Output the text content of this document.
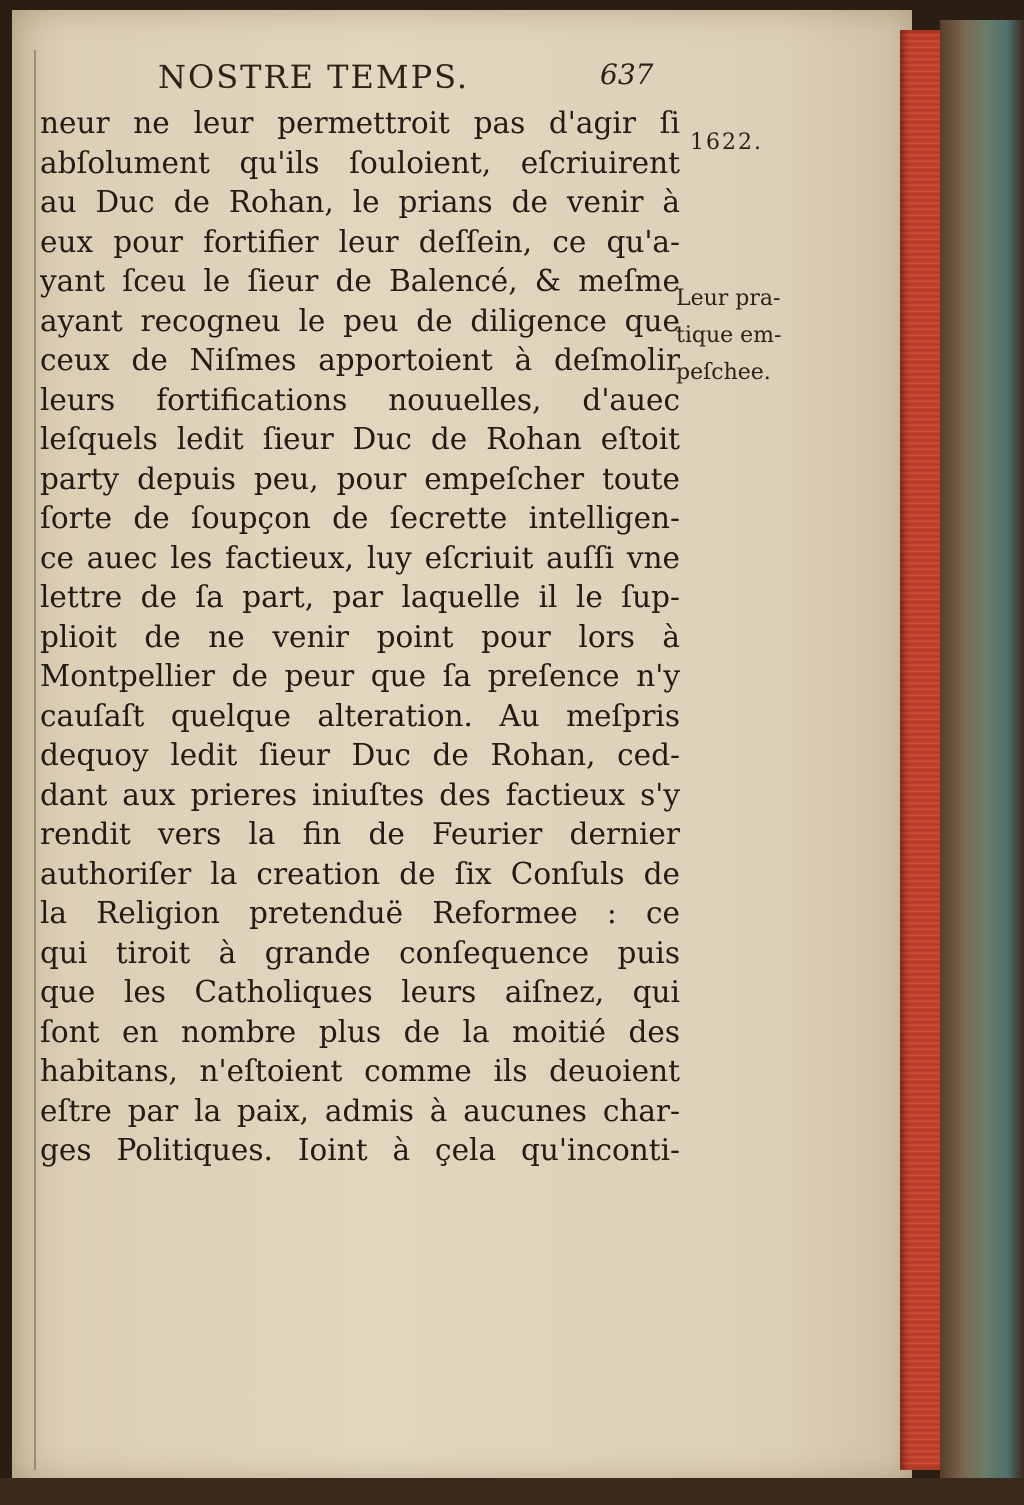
NOSTRE TEMPS.	637
1622.
Leur pra-
tique em-
peſchee.
neur ne leur permettroit pas d'agir ſi
abſolument qu'ils ſouloient, eſcriuirent
au Duc de Rohan, le prians de venir à
eux pour fortifier leur deſſein, ce qu'a-
yant ſceu le ſieur de Balencé, & meſme
ayant recogneu le peu de diligence que
ceux de Niſmes apportoient à deſmolir
leurs fortifications nouuelles, d'auec
leſquels ledit ſieur Duc de Rohan eſtoit
party depuis peu, pour empeſcher toute
ſorte de ſoupçon de ſecrette intelligen-
ce auec les factieux, luy eſcriuit auſſi vne
lettre de ſa part, par laquelle il le ſup-
plioit de ne venir point pour lors à
Montpellier de peur que ſa preſence n'y
cauſaſt quelque alteration. Au meſpris
dequoy ledit ſieur Duc de Rohan, ced-
dant aux prieres iniuſtes des factieux s'y
rendit vers la fin de Feurier dernier
authoriſer la creation de ſix Conſuls de
la Religion pretenduë Reformee : ce
qui tiroit à grande conſequence puis
que les Catholiques leurs aiſnez, qui
ſont en nombre plus de la moitié des
habitans, n'eſtoient comme ils deuoient
eſtre par la paix, admis à aucunes char-
ges Politiques. Ioint à çela qu'inconti-
